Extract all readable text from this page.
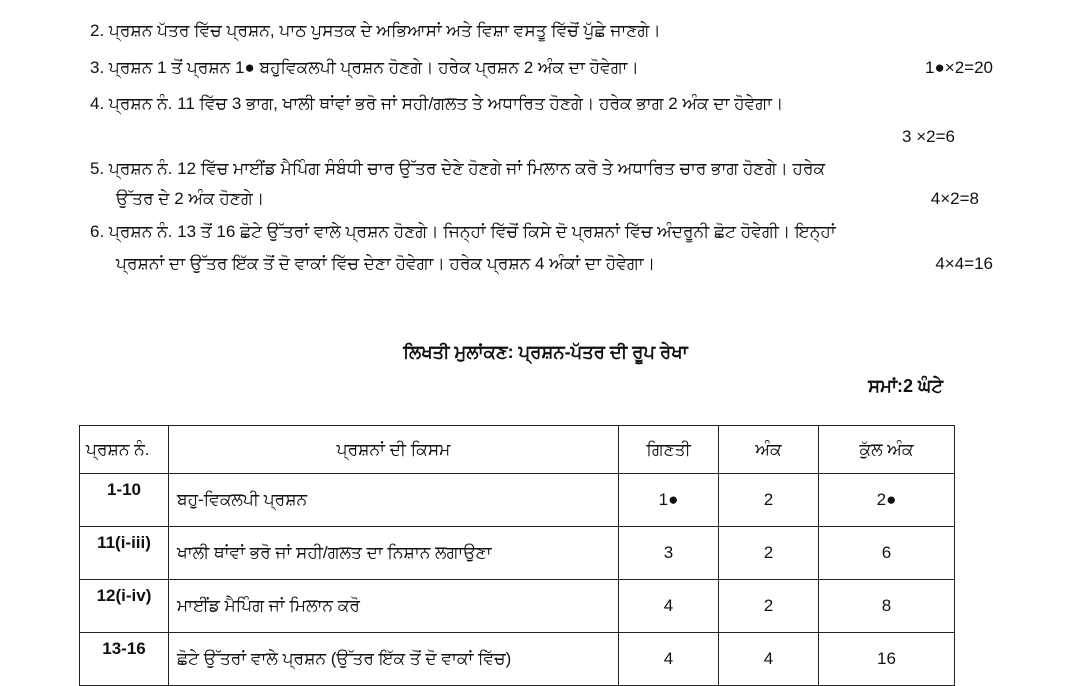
2. ਪ੍ਰਸ਼ਨ ਪੱਤਰ ਵਿੱਚ ਪ੍ਰਸ਼ਨ, ਪਾਠ ਪੁਸਤਕ ਦੇ ਅਭਿਆਸਾਂ ਅਤੇ ਵਿਸ਼ਾ ਵਸਤੂ ਵਿੱਚੋਂ ਪੁੱਛੇ ਜਾਣਗੇ।
3. ਪ੍ਰਸ਼ਨ 1 ਤੋਂ ਪ੍ਰਸ਼ਨ 1● ਬਹੁਵਿਕਲਪੀ ਪ੍ਰਸ਼ਨ ਹੋਣਗੇ। ਹਰੇਕ ਪ੍ਰਸ਼ਨ 2 ਅੰਕ ਦਾ ਹੋਵੇਗਾ।	1●×2=20
4. ਪ੍ਰਸ਼ਨ ਨੰ. 11 ਵਿੱਚ 3 ਭਾਗ, ਖਾਲੀ ਥਾਂਵਾਂ ਭਰੋ ਜਾਂ ਸਹੀ/ਗਲਤ ਤੇ ਅਧਾਰਿਤ ਹੋਣਗੇ। ਹਰੇਕ ਭਾਗ 2 ਅੰਕ ਦਾ ਹੋਵੇਗਾ।
3 ×2=6
5. ਪ੍ਰਸ਼ਨ ਨੰ. 12 ਵਿੱਚ ਮਾਈਂਡ ਮੈਪਿੰਗ ਸੰਬੰਧੀ ਚਾਰ ਉੱਤਰ ਦੇਣੇ ਹੋਣਗੇ ਜਾਂ ਮਿਲਾਨ ਕਰੋ ਤੇ ਅਧਾਰਿਤ ਚਾਰ ਭਾਗ ਹੋਣਗੇ। ਹਰੇਕ
ਉੱਤਰ ਦੇ 2 ਅੰਕ ਹੋਣਗੇ।	4×2=8
6. ਪ੍ਰਸ਼ਨ ਨੰ. 13 ਤੋਂ 16 ਛੋਟੇ ਉੱਤਰਾਂ ਵਾਲੇ ਪ੍ਰਸ਼ਨ ਹੋਣਗੇ। ਜਿਨ੍ਹਾਂ ਵਿੱਚੋਂ ਕਿਸੇ ਦੋ ਪ੍ਰਸ਼ਨਾਂ ਵਿੱਚ ਅੰਦਰੂਨੀ ਛੋਟ ਹੋਵੇਗੀ। ਇਨ੍ਹਾਂ
ਪ੍ਰਸ਼ਨਾਂ ਦਾ ਉੱਤਰ ਇੱਕ ਤੋਂ ਦੋ ਵਾਕਾਂ ਵਿੱਚ ਦੇਣਾ ਹੋਵੇਗਾ। ਹਰੇਕ ਪ੍ਰਸ਼ਨ 4 ਅੰਕਾਂ ਦਾ ਹੋਵੇਗਾ।	4×4=16
ਲਿਖਤੀ ਮੁਲਾਂਕਣ: ਪ੍ਰਸ਼ਨ-ਪੱਤਰ ਦੀ ਰੂਪ ਰੇਖਾ
ਸਮਾਂ:2 ਘੰਟੇ
ਪ੍ਰਸ਼ਨ ਨੰ.	ਪ੍ਰਸ਼ਨਾਂ ਦੀ ਕਿਸਮ	ਗਿਣਤੀ	ਅੰਕ	ਕੁੱਲ ਅੰਕ
1-10	ਬਹੁ-ਵਿਕਲਪੀ ਪ੍ਰਸ਼ਨ	1●	2	2●
11(i-iii)	ਖਾਲੀ ਥਾਂਵਾਂ ਭਰੋ ਜਾਂ ਸਹੀ/ਗਲਤ ਦਾ ਨਿਸ਼ਾਨ ਲਗਾਉਣਾ	3	2	6
12(i-iv)	ਮਾਈਂਡ ਮੈਪਿੰਗ ਜਾਂ ਮਿਲਾਨ ਕਰੋ	4	2	8
13-16	ਛੋਟੇ ਉੱਤਰਾਂ ਵਾਲੇ ਪ੍ਰਸ਼ਨ (ਉੱਤਰ ਇੱਕ ਤੋਂ ਦੋ ਵਾਕਾਂ ਵਿੱਚ)	4	4	16
